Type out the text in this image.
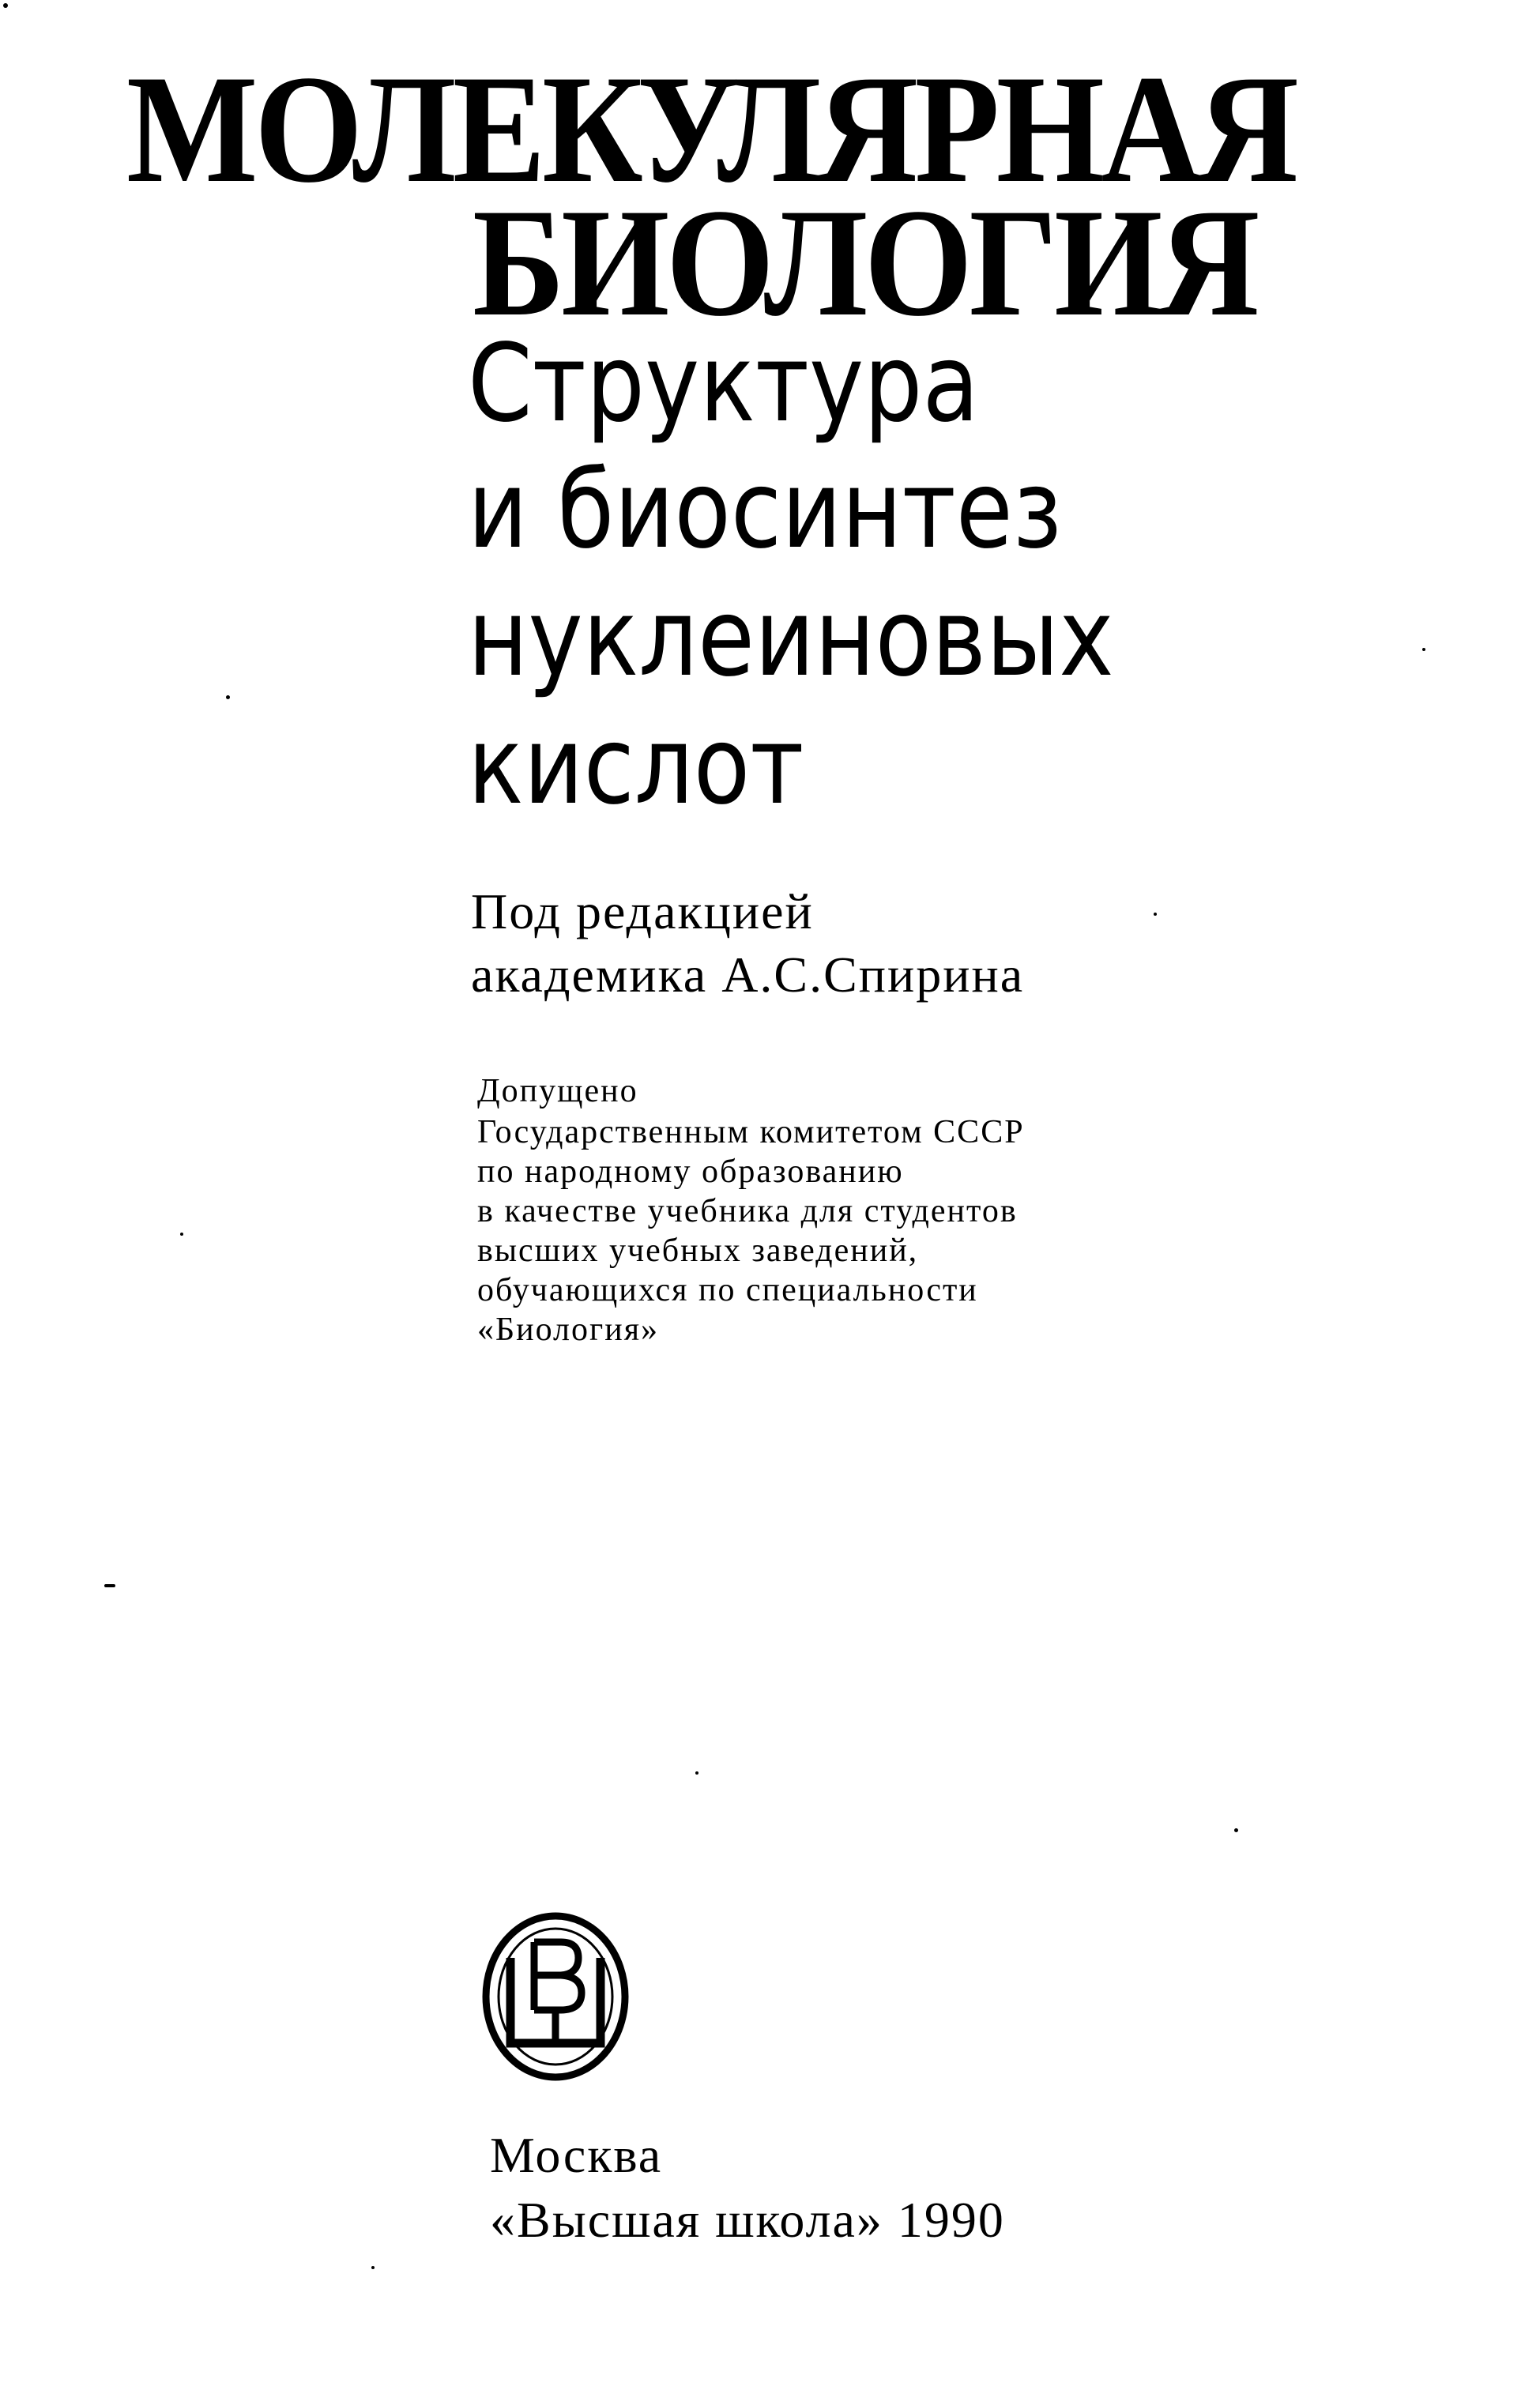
МОЛЕКУЛЯРНАЯ
БИОЛОГИЯ

Структура

и биосинтез

нуклеиновых

кислот

Под редакцией

академика А.С.Спирина

Допущено

Государственным комитетом СССР

по народному образованию

в качестве учебника для студентов

высших учебных заведений,

обучающихся по специальности

«Биология»

Москва

«Высшая школа» 1990
